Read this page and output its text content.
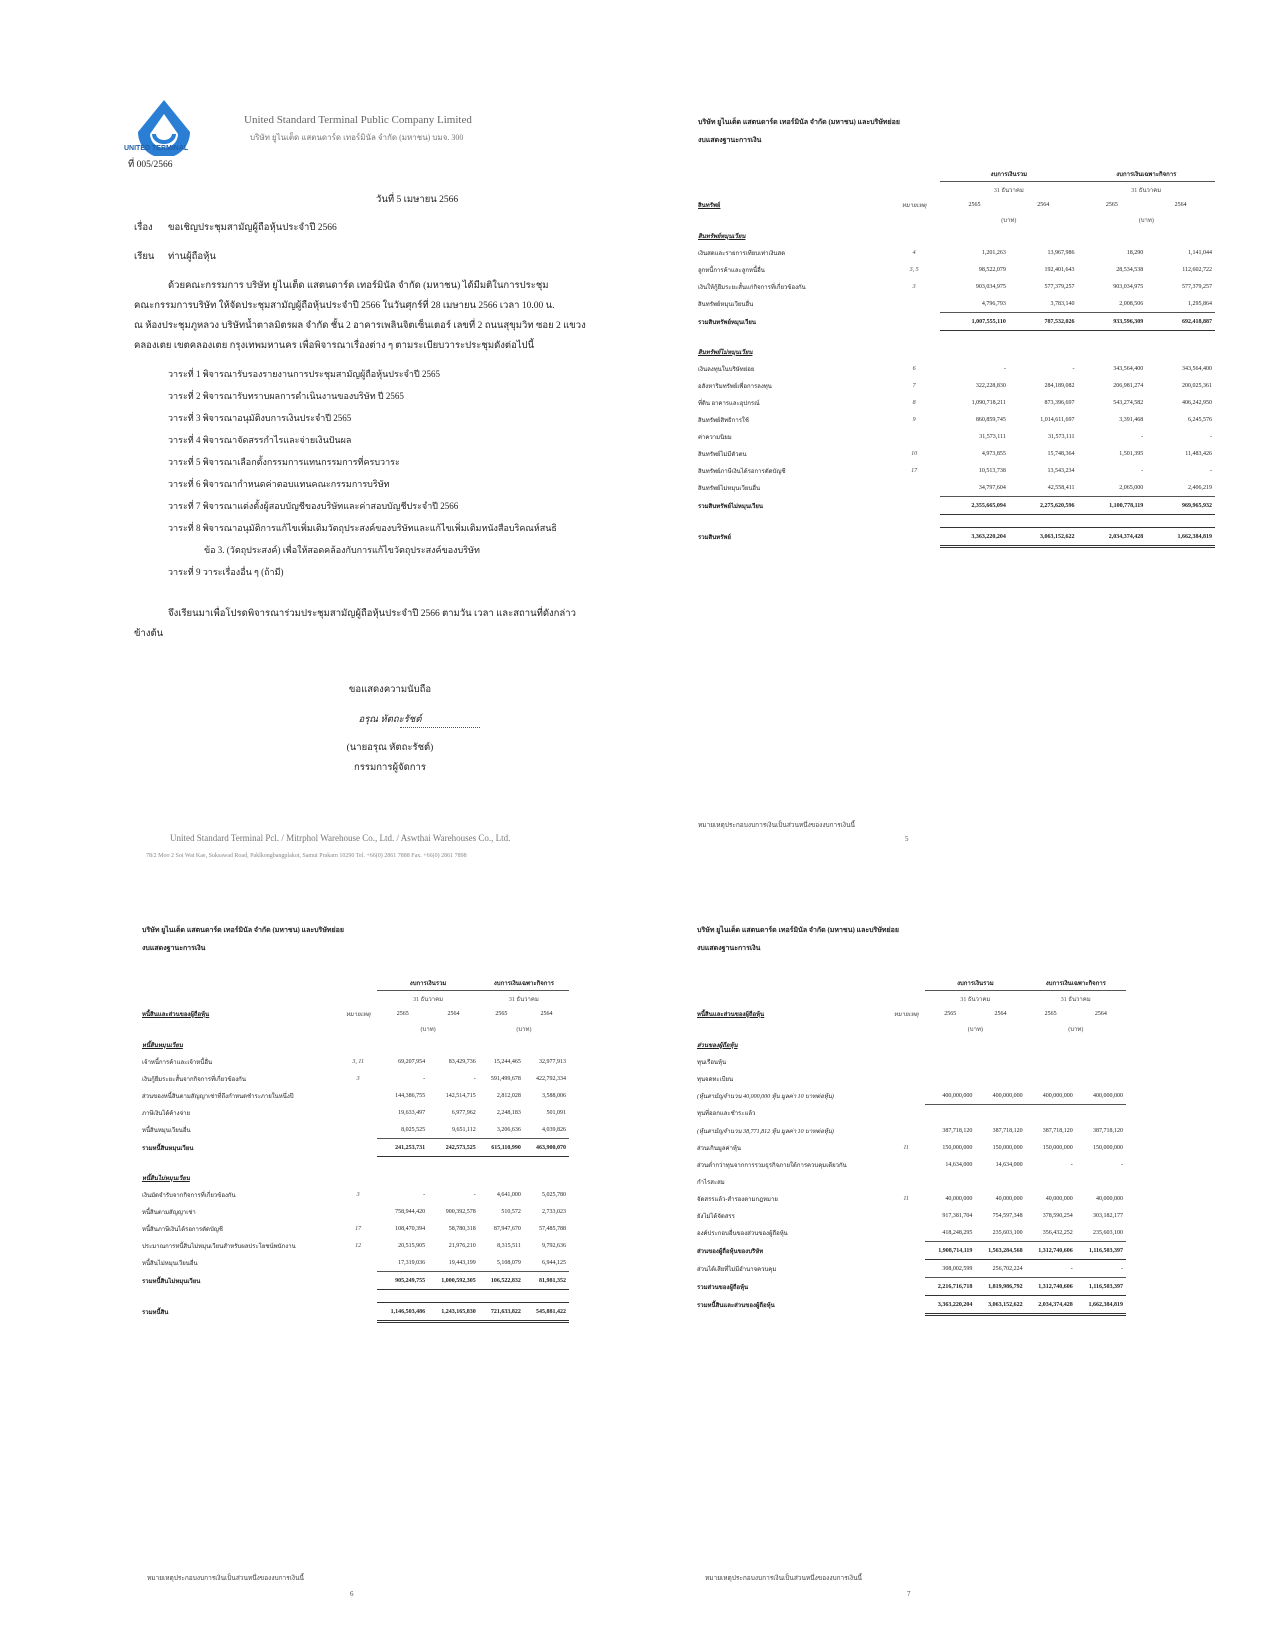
UNITED TERMINAL
United Standard Terminal Public Company Limited
บริษัท ยูไนเต็ด แสตนดาร์ด เทอร์มินัล จำกัด (มหาชน) บมจ. 300
ที่ 005/2566
วันที่ 5 เมษายน 2566
เรื่อง ขอเชิญประชุมสามัญผู้ถือหุ้นประจำปี 2566
เรียน ท่านผู้ถือหุ้น
ด้วยคณะกรรมการ บริษัท ยูไนเต็ด แสตนดาร์ด เทอร์มินัล จำกัด (มหาชน) ได้มีมติในการประชุม
คณะกรรมการบริษัท ให้จัดประชุมสามัญผู้ถือหุ้นประจำปี 2566 ในวันศุกร์ที่ 28 เมษายน 2566 เวลา 10.00 น.
ณ ห้องประชุมภูหลวง บริษัทน้ำตาลมิตรผล จำกัด ชั้น 2 อาคารเพลินจิตเซ็นเตอร์ เลขที่ 2 ถนนสุขุมวิท ซอย 2 แขวง
คลองเตย เขตคลองเตย กรุงเทพมหานคร เพื่อพิจารณาเรื่องต่าง ๆ ตามระเบียบวาระประชุมดังต่อไปนี้
วาระที่ 1 พิจารณารับรองรายงานการประชุมสามัญผู้ถือหุ้นประจำปี 2565
วาระที่ 2 พิจารณารับทราบผลการดำเนินงานของบริษัท ปี 2565
วาระที่ 3 พิจารณาอนุมัติงบการเงินประจำปี 2565
วาระที่ 4 พิจารณาจัดสรรกำไรและจ่ายเงินปันผล
วาระที่ 5 พิจารณาเลือกตั้งกรรมการแทนกรรมการที่ครบวาระ
วาระที่ 6 พิจารณากำหนดค่าตอบแทนคณะกรรมการบริษัท
วาระที่ 7 พิจารณาแต่งตั้งผู้สอบบัญชีของบริษัทและค่าสอบบัญชีประจำปี 2566
วาระที่ 8 พิจารณาอนุมัติการแก้ไขเพิ่มเติมวัตถุประสงค์ของบริษัทและแก้ไขเพิ่มเติมหนังสือบริคณห์สนธิ
ข้อ 3. (วัตถุประสงค์) เพื่อให้สอดคล้องกับการแก้ไขวัตถุประสงค์ของบริษัท
วาระที่ 9 วาระเรื่องอื่น ๆ (ถ้ามี)
จึงเรียนมาเพื่อโปรดพิจารณาร่วมประชุมสามัญผู้ถือหุ้นประจำปี 2566 ตามวัน เวลา และสถานที่ดังกล่าว
ข้างต้น
ขอแสดงความนับถือ
อรุณ หัตถะรัชต์
(นายอรุณ หัตถะรัชต์)
กรรมการผู้จัดการ
United Standard Terminal Pcl. / Mitrphol Warehouse Co., Ltd. / Aswthai Warehouses Co., Ltd.
78/2 Moo 2 Soi Wat Kae, Suksawad Road, Paklkongbangplakot, Samut Prakarn 10290 Tel. +66(0) 2861 7888 Fax. +66(0) 2861 7898
บริษัท ยูไนเต็ด แสตนดาร์ด เทอร์มินัล จำกัด (มหาชน) และบริษัทย่อย
งบแสดงฐานะการเงิน
		งบการเงินรวม		งบการเงินเฉพาะกิจการ	
		31 ธันวาคม		31 ธันวาคม	
สินทรัพย์	หมายเหตุ	2565	2564	2565	2564
		(บาท)		(บาท)	
สินทรัพย์หมุนเวียน					
เงินสดและรายการเทียบเท่าเงินสด	4	1,201,263	13,967,986	18,290	1,141,044
ลูกหนี้การค้าและลูกหนี้อื่น	3, 5	98,522,079	192,401,643	28,534,538	112,602,722
เงินให้กู้ยืมระยะสั้นแก่กิจการที่เกี่ยวข้องกัน	3	903,034,975	577,379,257	903,034,975	577,379,257
สินทรัพย์หมุนเวียนอื่น		4,796,793	3,783,140	2,008,506	1,295,864
รวมสินทรัพย์หมุนเวียน		1,007,555,110	787,532,026	933,596,309	692,418,887

สินทรัพย์ไม่หมุนเวียน					
เงินลงทุนในบริษัทย่อย	6	-	-	343,564,400	343,564,400
อสังหาริมทรัพย์เพื่อการลงทุน	7	322,228,830	284,189,082	206,981,274	200,025,361
ที่ดิน อาคารและอุปกรณ์	8	1,090,718,211	873,396,697	543,274,582	406,242,950
สินทรัพย์สิทธิการใช้	9	860,859,745	1,014,611,697	3,391,468	6,245,576
ค่าความนิยม		31,573,111	31,573,111	-	-
สินทรัพย์ไม่มีตัวตน	10	4,973,855	15,748,364	1,501,395	11,483,426
สินทรัพย์ภาษีเงินได้รอการตัดบัญชี	17	10,513,738	13,543,234	-	-
สินทรัพย์ไม่หมุนเวียนอื่น		34,797,604	42,558,411	2,065,000	2,406,219
รวมสินทรัพย์ไม่หมุนเวียน		2,355,665,094	2,275,620,596	1,100,778,119	969,965,932

รวมสินทรัพย์		3,363,220,204	3,063,152,622	2,034,374,428	1,662,384,819
หมายเหตุประกอบงบการเงินเป็นส่วนหนึ่งของงบการเงินนี้
5
บริษัท ยูไนเต็ด แสตนดาร์ด เทอร์มินัล จำกัด (มหาชน) และบริษัทย่อย
งบแสดงฐานะการเงิน
		งบการเงินรวม		งบการเงินเฉพาะกิจการ	
		31 ธันวาคม		31 ธันวาคม	
หนี้สินและส่วนของผู้ถือหุ้น	หมายเหตุ	2565	2564	2565	2564
		(บาท)		(บาท)	
หนี้สินหมุนเวียน					
เจ้าหนี้การค้าและเจ้าหนี้อื่น	3, 11	69,207,954	83,429,736	15,244,465	32,977,913
เงินกู้ยืมระยะสั้นจากกิจการที่เกี่ยวข้องกัน	3	-	-	591,499,678	422,792,334
ส่วนของหนี้สินตามสัญญาเช่าที่ถึงกำหนดชำระภายในหนึ่งปี		144,386,755	142,514,715	2,812,028	3,588,006
ภาษีเงินได้ค้างจ่าย		19,633,497	6,977,962	2,248,183	501,091
หนี้สินหมุนเวียนอื่น		8,025,525	9,651,112	3,206,636	4,039,826
รวมหนี้สินหมุนเวียน		241,253,731	242,573,525	615,110,990	463,900,070

หนี้สินไม่หมุนเวียน					
เงินมัดจำรับจากกิจการที่เกี่ยวข้องกัน	3	-	-	4,641,000	5,025,780
หนี้สินตามสัญญาเช่า		758,944,420	900,392,578	510,572	2,733,023
หนี้สินภาษีเงินได้รอการตัดบัญชี	17	108,470,394	58,780,318	87,947,670	57,485,788
ประมาณการหนี้สินไม่หมุนเวียนสำหรับผลประโยชน์พนักงาน	12	20,515,905	21,976,210	8,315,511	9,792,636
หนี้สินไม่หมุนเวียนอื่น		17,319,036	19,443,199	5,108,079	6,944,125
รวมหนี้สินไม่หมุนเวียน		905,249,755	1,000,592,305	106,522,832	81,981,352

รวมหนี้สิน		1,146,503,486	1,243,165,830	721,633,822	545,881,422
หมายเหตุประกอบงบการเงินเป็นส่วนหนึ่งของงบการเงินนี้
6
บริษัท ยูไนเต็ด แสตนดาร์ด เทอร์มินัล จำกัด (มหาชน) และบริษัทย่อย
งบแสดงฐานะการเงิน
		งบการเงินรวม		งบการเงินเฉพาะกิจการ	
		31 ธันวาคม		31 ธันวาคม	
หนี้สินและส่วนของผู้ถือหุ้น	หมายเหตุ	2565	2564	2565	2564
		(บาท)		(บาท)	
ส่วนของผู้ถือหุ้น					
ทุนเรือนหุ้น					
ทุนจดทะเบียน					
(หุ้นสามัญจำนวน 40,000,000 หุ้น มูลค่า 10 บาทต่อหุ้น)		400,000,000	400,000,000	400,000,000	400,000,000
ทุนที่ออกและชำระแล้ว					
(หุ้นสามัญจำนวน 38,771,812 หุ้น มูลค่า 10 บาทต่อหุ้น)		387,718,120	387,718,120	387,718,120	387,718,120
ส่วนเกินมูลค่าหุ้น	11	150,000,000	150,000,000	150,000,000	150,000,000
ส่วนต่ำกว่าทุนจากการรวมธุรกิจภายใต้การควบคุมเดียวกัน		14,634,000	14,634,000	-	-
กำไรสะสม					
จัดสรรแล้ว-สำรองตามกฎหมาย	11	40,000,000	40,000,000	40,000,000	40,000,000
ยังไม่ได้จัดสรร		917,381,704	754,597,348	378,590,254	303,182,177
องค์ประกอบอื่นของส่วนของผู้ถือหุ้น		418,248,295	235,603,100	356,432,252	235,603,100
ส่วนของผู้ถือหุ้นของบริษัท		1,908,714,119	1,563,284,568	1,312,740,606	1,116,503,397
ส่วนได้เสียที่ไม่มีอำนาจควบคุม		308,002,599	256,702,224	-	-
รวมส่วนของผู้ถือหุ้น		2,216,716,718	1,819,986,792	1,312,740,606	1,116,503,397
รวมหนี้สินและส่วนของผู้ถือหุ้น		3,363,220,204	3,063,152,622	2,034,374,428	1,662,384,819
หมายเหตุประกอบงบการเงินเป็นส่วนหนึ่งของงบการเงินนี้
7
